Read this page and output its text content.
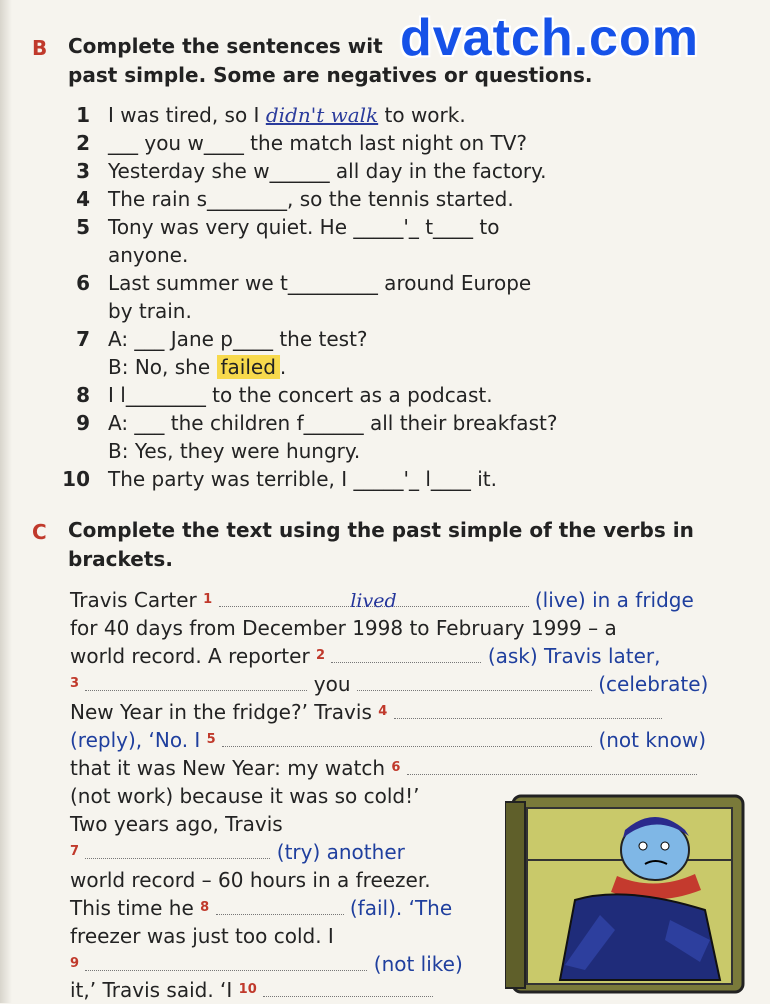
dvatch.com
B Complete the sentences wit
past simple. Some are negatives or questions.
1 I was tired, so I didn't walk to work.
2 ___ you w____ the match last night on TV?
3 Yesterday she w______ all day in the factory.
4 The rain s________, so the tennis started.
5 Tony was very quiet. He _____'_ t____ to
anyone.
6 Last summer we t_________ around Europe
by train.
7 A: ___ Jane p____ the test?
B: No, she failed .
8 I l________ to the concert as a podcast.
9 A: ___ the children f______ all their breakfast?
B: Yes, they were hungry.
10 The party was terrible, I _____'_ l____ it.
C Complete the text using the past simple of the verbs in
brackets.
Travis Carter $^1$	lived	(live) in a fridge
for 40 days from December 1998 to February 1999 – a
world record. A reporter $^2$	(ask) Travis later,
$^3$	you	(celebrate)
New Year in the fridge?’ Travis $^4$
(reply), ‘No. I $^5$	(not know)
that it was New Year: my watch $^6$
(not work) because it was so cold!’
Two years ago, Travis
$^7$	(try) another
world record – 60 hours in a freezer.
This time he $^8$	(fail). ‘The
freezer was just too cold. I
$^9$	(not like)
it,’ Travis said. ‘I $^{10}$
